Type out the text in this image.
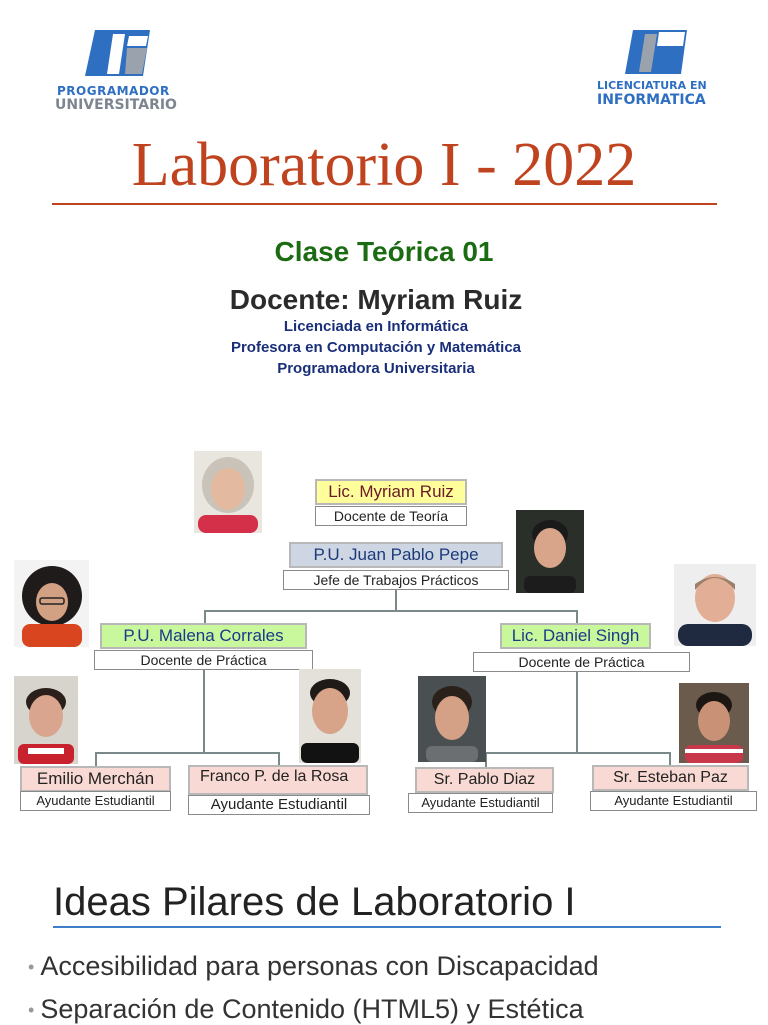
PROGRAMADOR
UNIVERSITARIO
LICENCIATURA EN
INFORMATICA
Laboratorio I - 2022
Clase Teórica 01
Docente: Myriam Ruiz
Licenciada en Informática
Profesora en Computación y Matemática
Programadora Universitaria
Lic. Myriam Ruiz
Docente de Teoría
P.U. Juan Pablo Pepe
Jefe de Trabajos Prácticos
P.U. Malena Corrales
Docente de Práctica
Lic. Daniel Singh
Docente de Práctica
Emilio Merchán
Ayudante Estudiantil
Franco P. de la Rosa
Ayudante Estudiantil
Sr. Pablo Diaz
Ayudante Estudiantil
Sr. Esteban Paz
Ayudante Estudiantil
Ideas Pilares de Laboratorio I
• Accesibilidad para personas con Discapacidad
• Separación de Contenido (HTML5) y Estética
